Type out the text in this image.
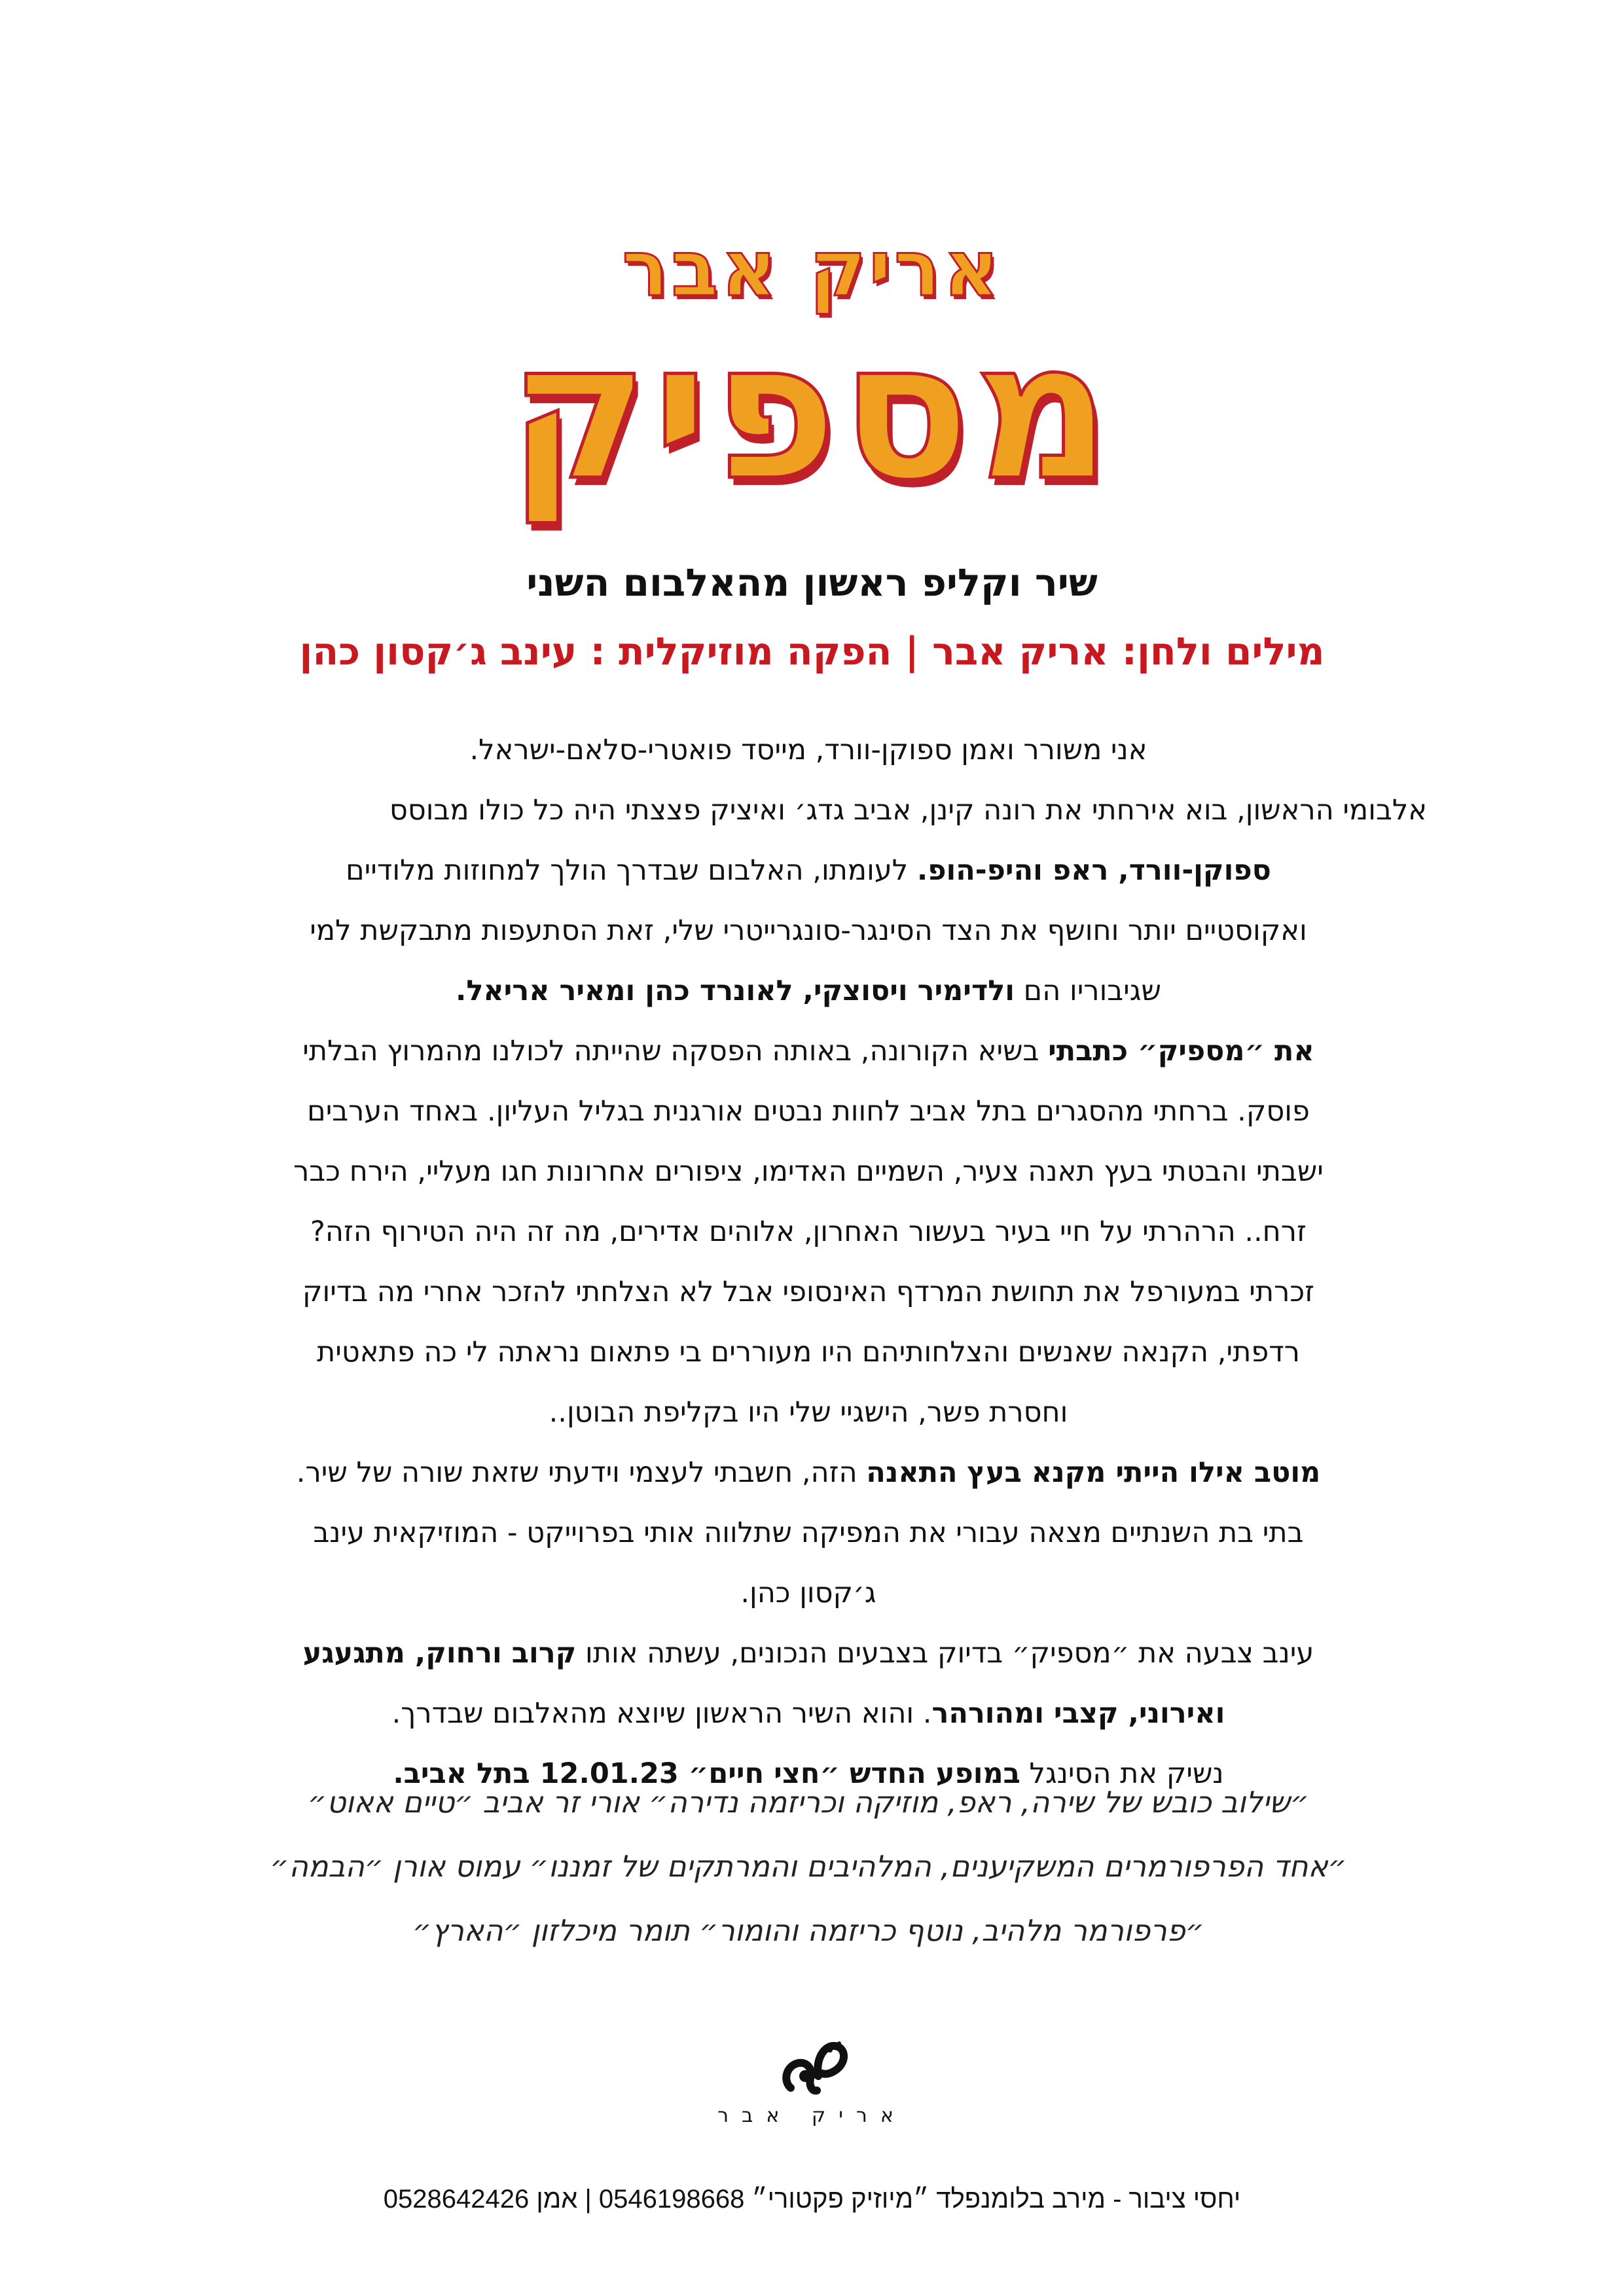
אריק אבר
מספיק
שיר וקליפ ראשון מהאלבום השני
מילים ולחן: אריק אבר | הפקה מוזיקלית : עינב ג׳קסון כהן
אני משורר ואמן ספוקן-וורד, מייסד פואטרי-סלאם-ישראל.
אלבומי הראשון, בוא אירחתי את רונה קינן, אביב גדג׳ ואיציק פצצתי היה כל כולו מבוסס
ספוקן-וורד, ראפ והיפ-הופ. לעומתו, האלבום שבדרך הולך למחוזות מלודיים
ואקוסטיים יותר וחושף את הצד הסינגר-סונגרייטרי שלי, זאת הסתעפות מתבקשת למי
שגיבוריו הם ולדימיר ויסוצקי, לאונרד כהן ומאיר אריאל.
את ״מספיק״ כתבתי בשיא הקורונה, באותה הפסקה שהייתה לכולנו מהמרוץ הבלתי
פוסק. ברחתי מהסגרים בתל אביב לחוות נבטים אורגנית בגליל העליון. באחד הערבים
ישבתי והבטתי בעץ תאנה צעיר, השמיים האדימו, ציפורים אחרונות חגו מעליי, הירח כבר
זרח.. הרהרתי על חיי בעיר בעשור האחרון, אלוהים אדירים, מה זה היה הטירוף הזה?
זכרתי במעורפל את תחושת המרדף האינסופי אבל לא הצלחתי להזכר אחרי מה בדיוק
רדפתי, הקנאה שאנשים והצלחותיהם היו מעוררים בי פתאום נראתה לי כה פתאטית
וחסרת פשר, הישגיי שלי היו בקליפת הבוטן..
מוטב אילו הייתי מקנא בעץ התאנה הזה, חשבתי לעצמי וידעתי שזאת שורה של שיר.
בתי בת השנתיים מצאה עבורי את המפיקה שתלווה אותי בפרוייקט - המוזיקאית עינב
ג׳קסון כהן.
עינב צבעה את ״מספיק״ בדיוק בצבעים הנכונים, עשתה אותו קרוב ורחוק, מתגעגע
ואירוני, קצבי ומהורהר. והוא השיר הראשון שיוצא מהאלבום שבדרך.
נשיק את הסינגל במופע החדש ״חצי חיים״ 12.01.23 בתל אביב.
״שילוב כובש של שירה, ראפ, מוזיקה וכריזמה נדירה״ אורי זר אביב ״טיים אאוט״
״אחד הפרפורמרים המשקיענים, המלהיבים והמרתקים של זמננו״ עמוס אורן ״הבמה״
״פרפורמר מלהיב, נוטף כריזמה והומור״ תומר מיכלזון ״הארץ״
אריק אבר
יחסי ציבור - מירב בלומנפלד ״מיוזיק פקטורי״ 0546198668 | אמן 0528642426
